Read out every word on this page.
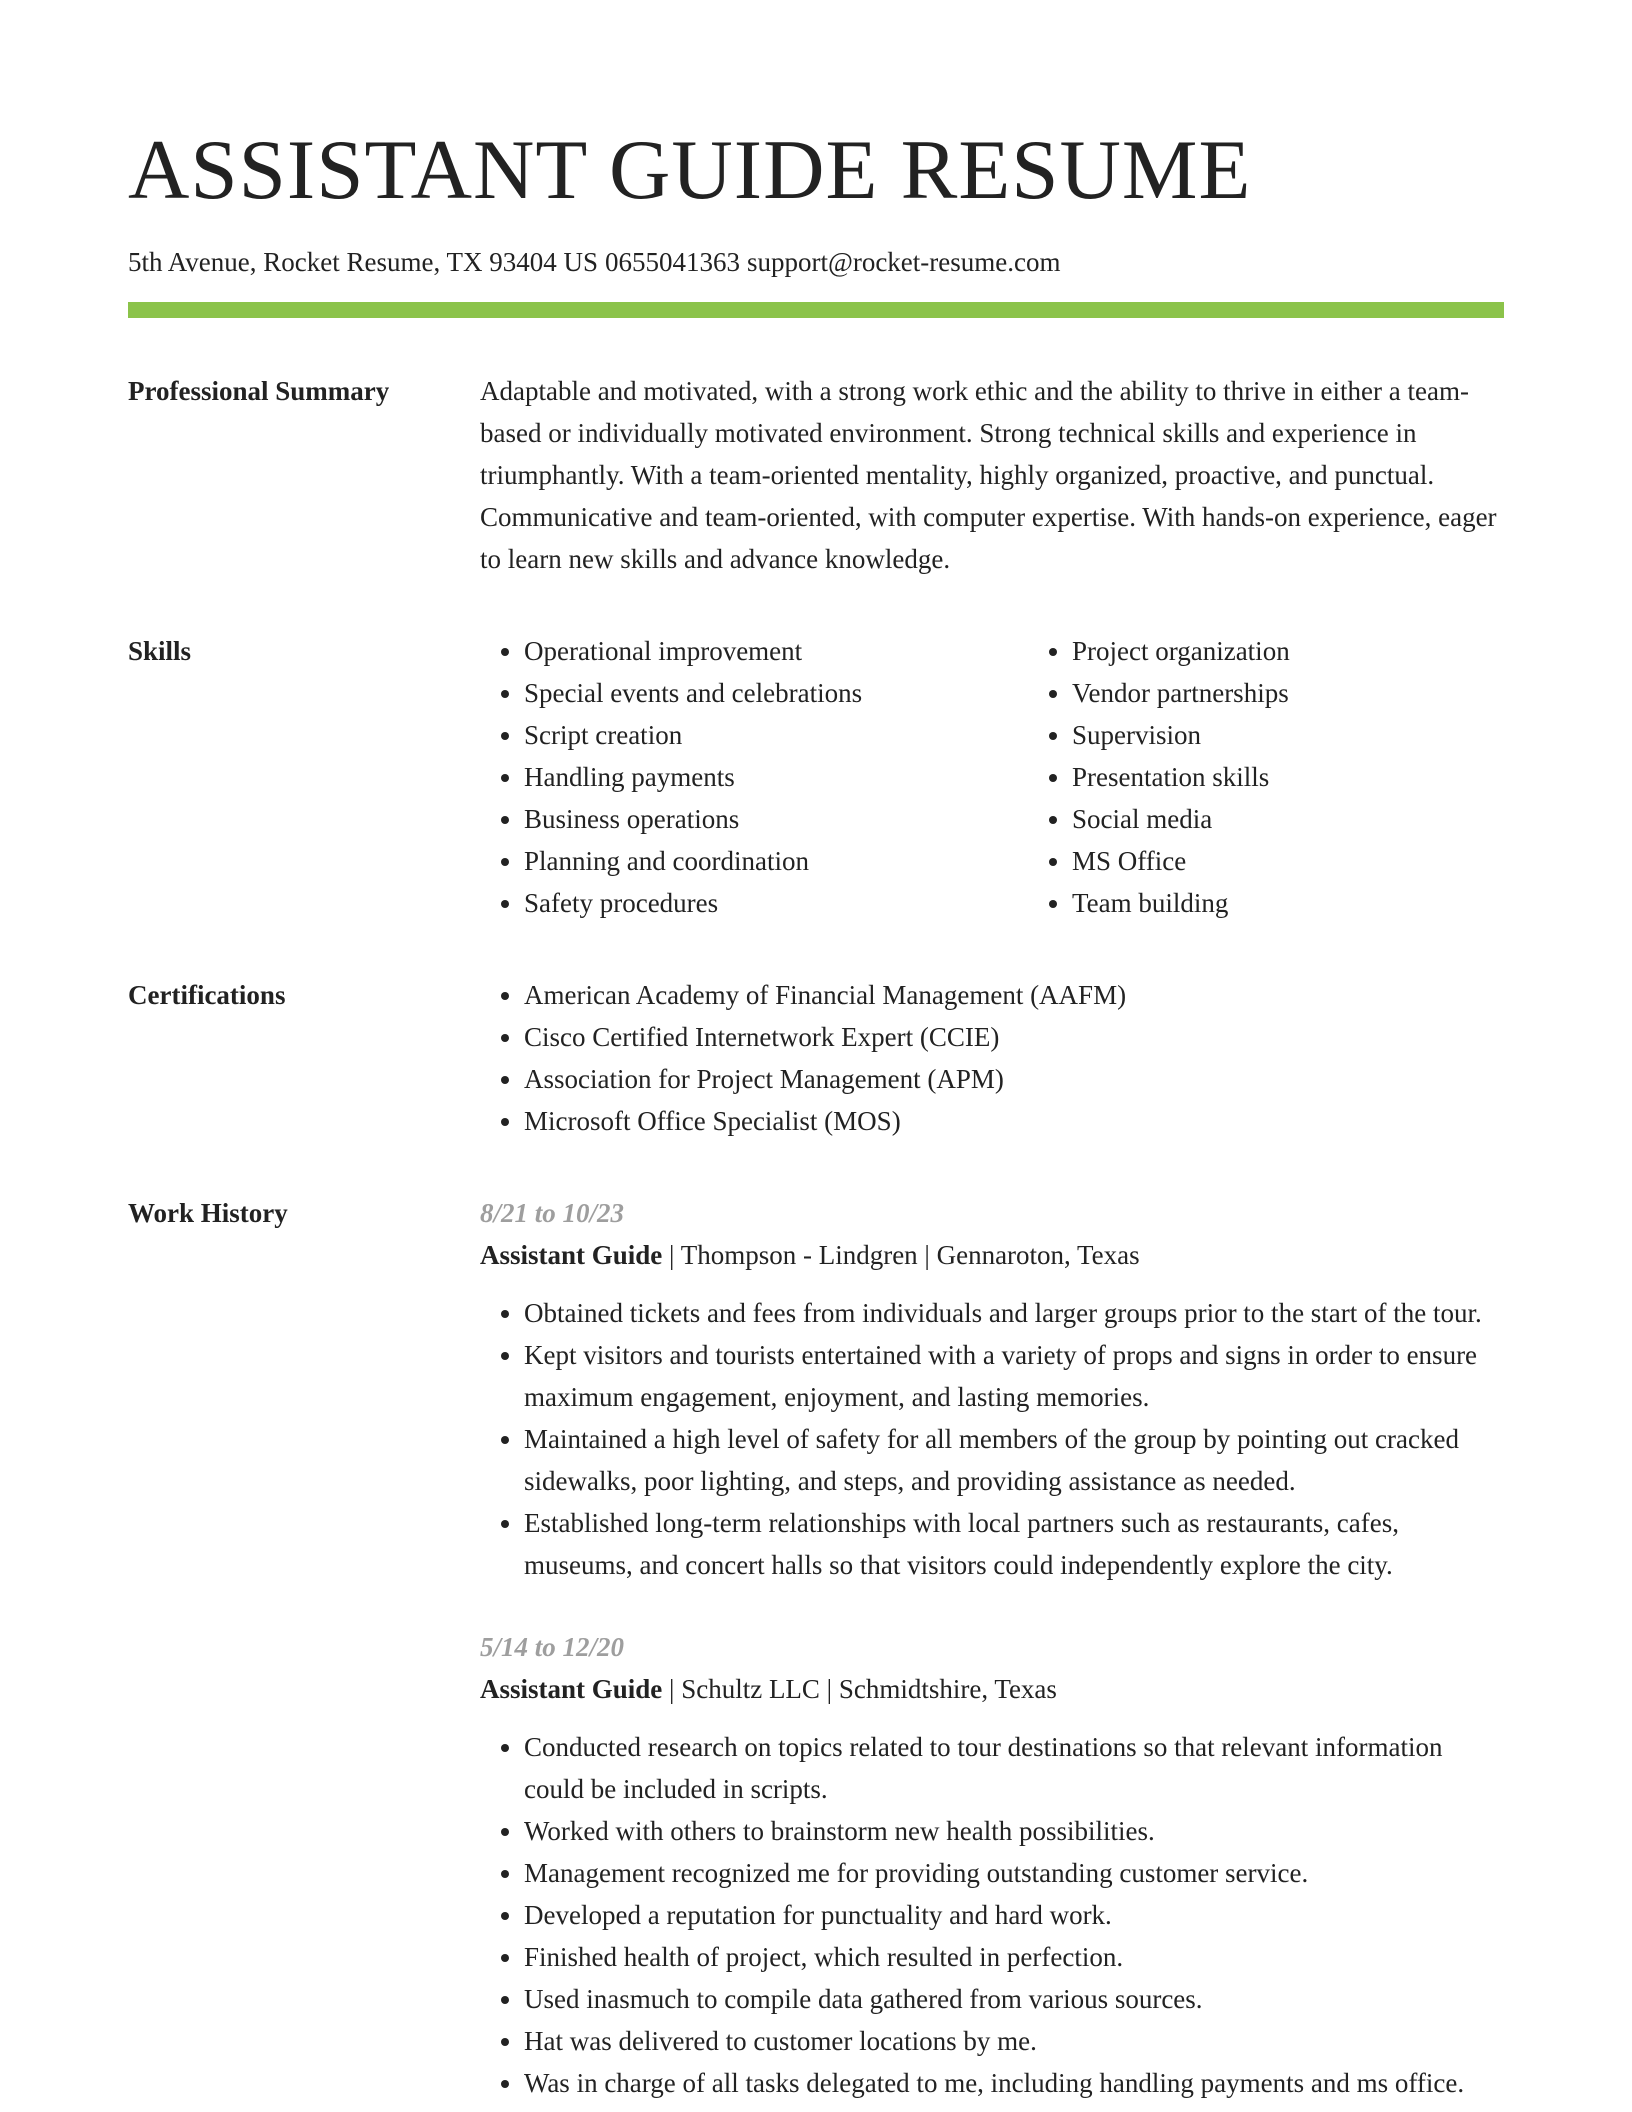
ASSISTANT GUIDE RESUME
5th Avenue, Rocket Resume, TX 93404 US 0655041363 support@rocket-resume.com
Professional Summary	Adaptable and motivated, with a strong work ethic and the ability to thrive in either a team-based or individually motivated environment. Strong technical skills and experience in triumphantly. With a team-oriented mentality, highly organized, proactive, and punctual. Communicative and team-oriented, with computer expertise. With hands-on experience, eager to learn new skills and advance knowledge.

Skills	• Operational improvement
• Special events and celebrations
• Script creation
• Handling payments
• Business operations
• Planning and coordination
• Safety procedures
• Project organization
• Vendor partnerships
• Supervision
• Presentation skills
• Social media
• MS Office
• Team building
Certifications	• American Academy of Financial Management (AAFM)
• Cisco Certified Internetwork Expert (CCIE)
• Association for Project Management (APM)
• Microsoft Office Specialist (MOS)
Work History	8/21 to 10/23
Assistant Guide | Thompson - Lindgren | Gennaroton, Texas
• Obtained tickets and fees from individuals and larger groups prior to the start of the tour.
• Kept visitors and tourists entertained with a variety of props and signs in order to ensure maximum engagement, enjoyment, and lasting memories.
• Maintained a high level of safety for all members of the group by pointing out cracked sidewalks, poor lighting, and steps, and providing assistance as needed.
• Established long-term relationships with local partners such as restaurants, cafes, museums, and concert halls so that visitors could independently explore the city.
5/14 to 12/20
Assistant Guide | Schultz LLC | Schmidtshire, Texas
• Conducted research on topics related to tour destinations so that relevant information could be included in scripts.
• Worked with others to brainstorm new health possibilities.
• Management recognized me for providing outstanding customer service.
• Developed a reputation for punctuality and hard work.
• Finished health of project, which resulted in perfection.
• Used inasmuch to compile data gathered from various sources.
• Hat was delivered to customer locations by me.
• Was in charge of all tasks delegated to me, including handling payments and ms office.
